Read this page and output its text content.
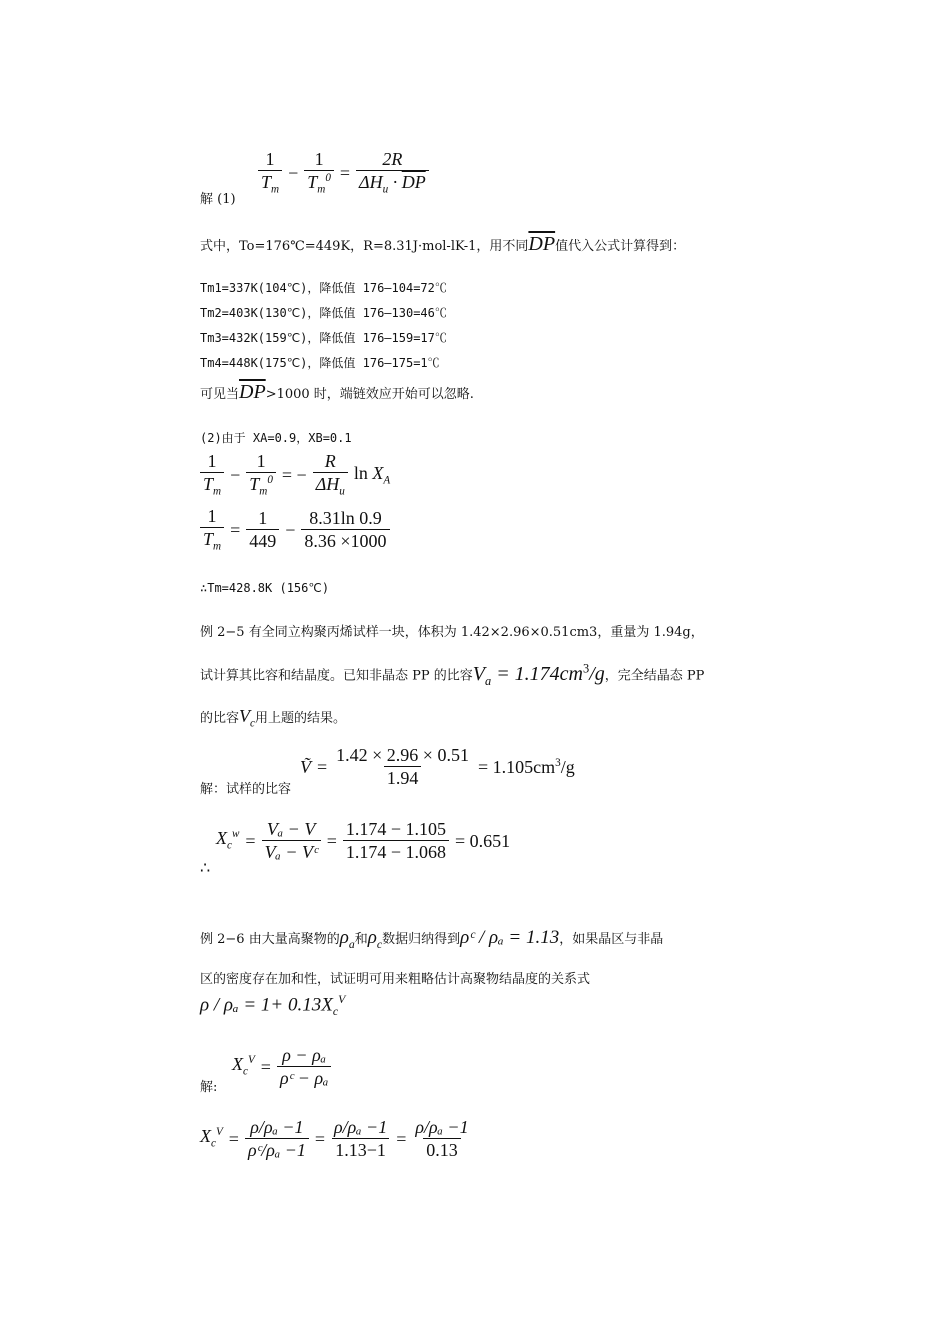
1
$T_m$
− $\frac{1}{T_m^0}$ =
2R
$\Delta H_u \cdot \overline{DP}$
解 (1)
式中，To=176℃=449K，R=8.31J·mol-lK-1，用不同$\overline{DP}$值代入公式计算得到：
Tm1=337K(104℃)，降低值 176—104=72℃
Tm2=403K(130℃)，降低值 176—130=46℃
Tm3=432K(159℃)，降低值 176—159=17℃
Tm4=448K(175℃)，降低值 176—175=1℃
可见当$\overline{DP}>1000$ 时，端链效应开始可以忽略.
(2)由于 XA=0.9，XB=0.1
1
$T_m$
− $\frac{1}{T_m^0}$ = −
R
$\Delta H_u$
$\ln X_A$
$\frac{1}{T_m} = \frac{1}{449} - \frac{8.31\ln 0.9}{8.36 \times 1000}$
∴Tm=428.8K (156℃)
例 2−5 有全同立构聚丙烯试样一块，体积为 1.42×2.96×0.51cm3，重量为 1.94g，
试计算其比容和结晶度。已知非晶态 PP 的比容$V_a = 1.174cm^3/g$，完全结晶态 PP
的比容$V_c$用上题的结果。
Ṽ = $\frac{1.42 \times 2.96 \times 0.51}{1.94} = 1.105cm^3/g$
解：试样的比容
$X_c^w = \frac{\text{Vₐ − V}}{\text{Vₐ − Vᶜ}} = \frac{1.174 - 1.105}{1.174 - 1.068} = 0.651$
∴
例 2−6 由大量高聚物的$\rho_a$和$\rho_c$数据归纳得到ρᶜ / ρₐ = 1.13，如果晶区与非晶
区的密度存在加和性，试证明可用来粗略估计高聚物结晶度的关系式
$\rho / \rho_a = 1+ 0.13X_c^V$
$X_c^V = \frac{\text{ρ − ρₐ}}{\text{ρᶜ − ρₐ}}$
解:
$X_c^V = \frac{\text{ρ/ρₐ −1}}{\text{ρᶜ/ρₐ −1}} = \frac{\text{ρ/ρₐ −1}}{1.13-1} = \frac{\text{ρ/ρₐ −1}}{0.13}$
